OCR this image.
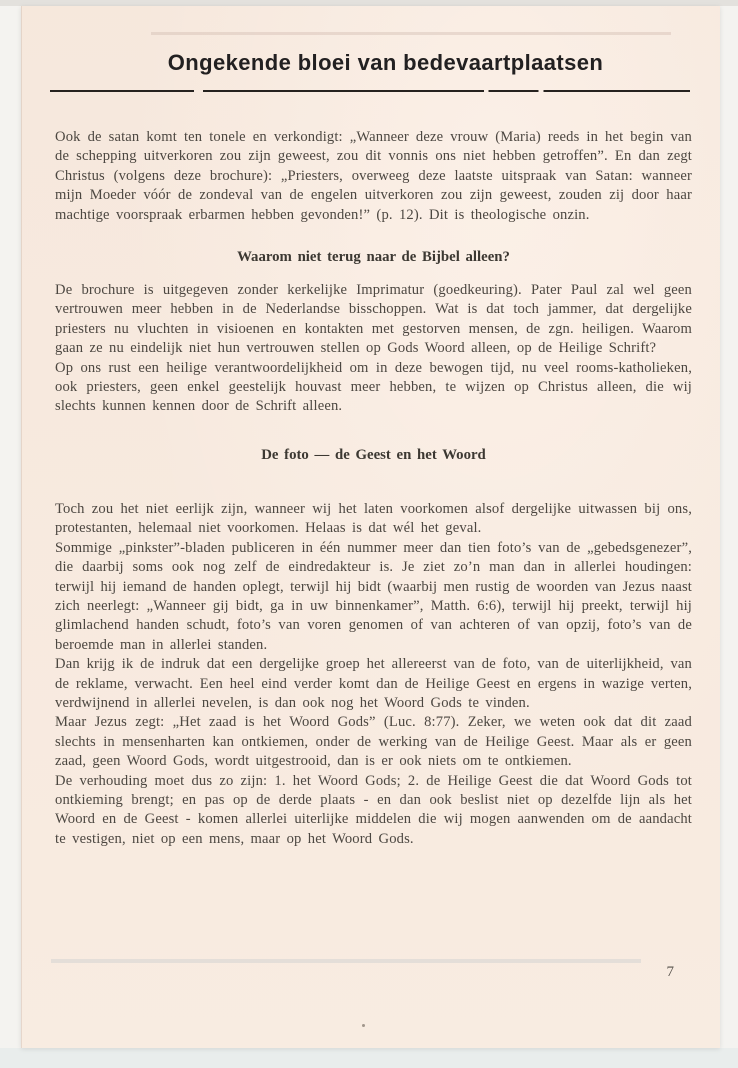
Ongekende bloei van bedevaartplaatsen

Ook de satan komt ten tonele en verkondigt: „Wanneer deze vrouw (Maria) reeds in het begin van de schepping uitverkoren zou zijn geweest, zou dit vonnis ons niet hebben getroffen”. En dan zegt Christus (volgens deze brochure): „Priesters, overweeg deze laatste uitspraak van Satan: wanneer mijn Moeder vóór de zondeval van de engelen uitverkoren zou zijn geweest, zouden zij door haar machtige voorspraak erbarmen hebben gevonden!” (p. 12). Dit is theologische onzin.

Waarom niet terug naar de Bijbel alleen?

De brochure is uitgegeven zonder kerkelijke Imprimatur (goedkeuring). Pater Paul zal wel geen vertrouwen meer hebben in de Nederlandse bisschoppen. Wat is dat toch jammer, dat dergelijke priesters nu vluchten in visioenen en kontakten met gestorven mensen, de zgn. heiligen. Waarom gaan ze nu eindelijk niet hun vertrouwen stellen op Gods Woord alleen, op de Heilige Schrift?

Op ons rust een heilige verantwoordelijkheid om in deze bewogen tijd, nu veel rooms-katholieken, ook priesters, geen enkel geestelijk houvast meer hebben, te wijzen op Christus alleen, die wij slechts kunnen kennen door de Schrift alleen.

De foto — de Geest en het Woord

Toch zou het niet eerlijk zijn, wanneer wij het laten voorkomen alsof dergelijke uitwassen bij ons, protestanten, helemaal niet voorkomen. Helaas is dat wél het geval.

Sommige „pinkster”-bladen publiceren in één nummer meer dan tien foto’s van de „gebedsgenezer”, die daarbij soms ook nog zelf de eindredakteur is. Je ziet zo’n man dan in allerlei houdingen: terwijl hij iemand de handen oplegt, terwijl hij bidt (waarbij men rustig de woorden van Jezus naast zich neerlegt: „Wanneer gij bidt, ga in uw binnenkamer”, Matth. 6:6), terwijl hij preekt, terwijl hij glimlachend handen schudt, foto’s van voren genomen of van achteren of van opzij, foto’s van de beroemde man in allerlei standen.

Dan krijg ik de indruk dat een dergelijke groep het allereerst van de foto, van de uiterlijkheid, van de reklame, verwacht. Een heel eind verder komt dan de Heilige Geest en ergens in wazige verten, verdwijnend in allerlei nevelen, is dan ook nog het Woord Gods te vinden.

Maar Jezus zegt: „Het zaad is het Woord Gods” (Luc. 8:77). Zeker, we weten ook dat dit zaad slechts in mensenharten kan ontkiemen, onder de werking van de Heilige Geest. Maar als er geen zaad, geen Woord Gods, wordt uitgestrooid, dan is er ook niets om te ontkiemen.

De verhouding moet dus zo zijn: 1. het Woord Gods; 2. de Heilige Geest die dat Woord Gods tot ontkieming brengt; en pas op de derde plaats - en dan ook beslist niet op dezelfde lijn als het Woord en de Geest - komen allerlei uiterlijke middelen die wij mogen aanwenden om de aandacht te vestigen, niet op een mens, maar op het Woord Gods.

7
